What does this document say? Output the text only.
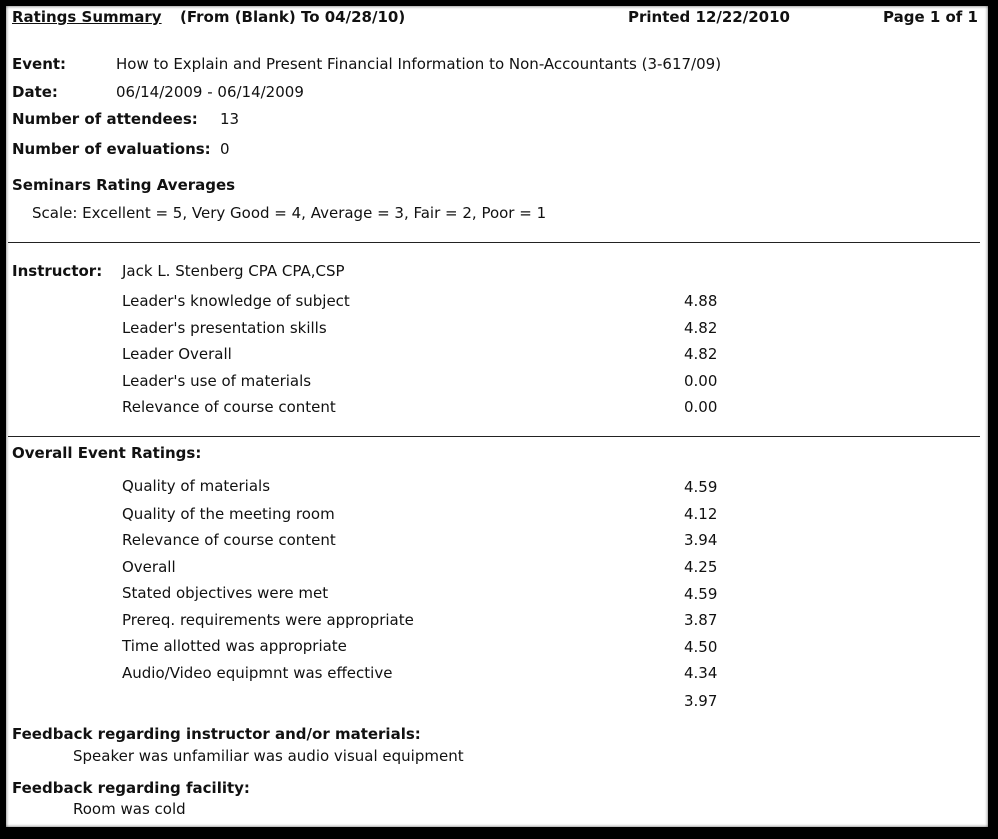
Ratings Summary (From (Blank) To 04/28/10)	Printed 12/22/2010	Page 1 of 1
Event:	How to Explain and Present Financial Information to Non-Accountants (3-617/09)
Date:	06/14/2009 - 06/14/2009
Number of attendees: 13
Number of evaluations: 0
Seminars Rating Averages
Scale: Excellent = 5, Very Good = 4, Average = 3, Fair = 2, Poor = 1
Instructor: Jack L. Stenberg CPA CPA,CSP
Leader's knowledge of subject	4.88
Leader's presentation skills	4.82
Leader Overall	4.82
Leader's use of materials	0.00
Relevance of course content	0.00
Overall Event Ratings:
Quality of materials	4.59
Quality of the meeting room	4.12
Relevance of course content	3.94
Overall	4.25
Stated objectives were met	4.59
Prereq. requirements were appropriate	3.87
Time allotted was appropriate	4.50
Audio/Video equipmnt was effective	4.34
3.97
Feedback regarding instructor and/or materials:
Speaker was unfamiliar was audio visual equipment
Feedback regarding facility:
Room was cold
